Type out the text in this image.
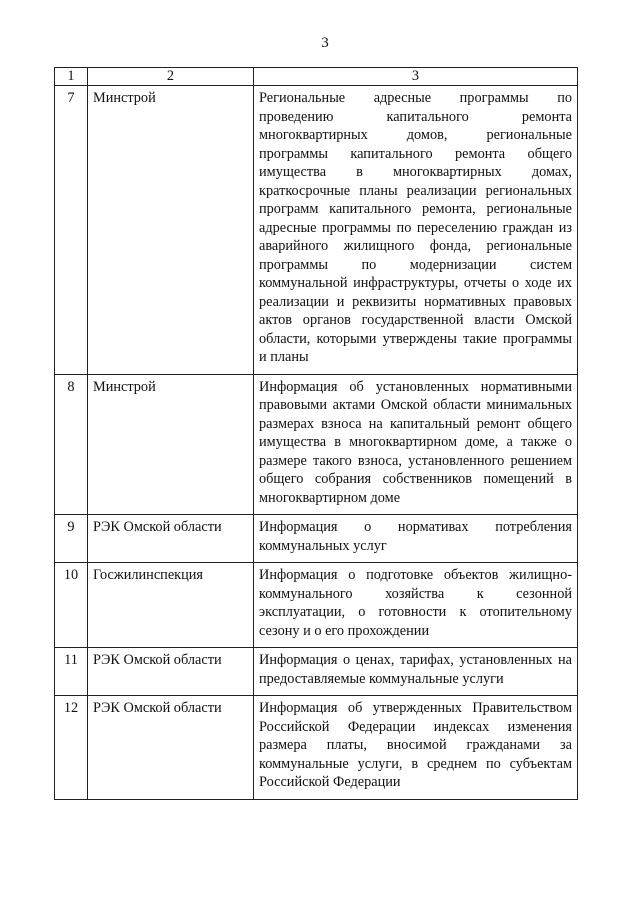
3
1	2	3
7	Минстрой	Региональные адресные программы по проведению капитального ремонта многоквартирных домов, региональные программы капитального ремонта общего имущества в многоквартирных домах, краткосрочные планы реализации региональных программ капитального ремонта, региональные адресные программы по переселению граждан из аварийного жилищного фонда, региональные программы по модернизации систем коммунальной инфраструктуры, отчеты о ходе их реализации и реквизиты нормативных правовых актов органов государственной власти Омской области, которыми утверждены такие программы и планы
8	Минстрой	Информация об установленных нормативными правовыми актами Омской области минимальных размерах взноса на капитальный ремонт общего имущества в многоквартирном доме, а также о размере такого взноса, установленного решением общего собрания собственников помещений в многоквартирном доме
9	РЭК Омской области	Информация о нормативах потребления коммунальных услуг
10	Госжилинспекция	Информация о подготовке объектов жилищно-коммунального хозяйства к сезонной эксплуатации, о готовности к отопительному сезону и о его прохождении
11	РЭК Омской области	Информация о ценах, тарифах, установленных на предоставляемые коммунальные услуги
12	РЭК Омской области	Информация об утвержденных Правительством Российской Федерации индексах изменения размера платы, вносимой гражданами за коммунальные услуги, в среднем по субъектам Российской Федерации
